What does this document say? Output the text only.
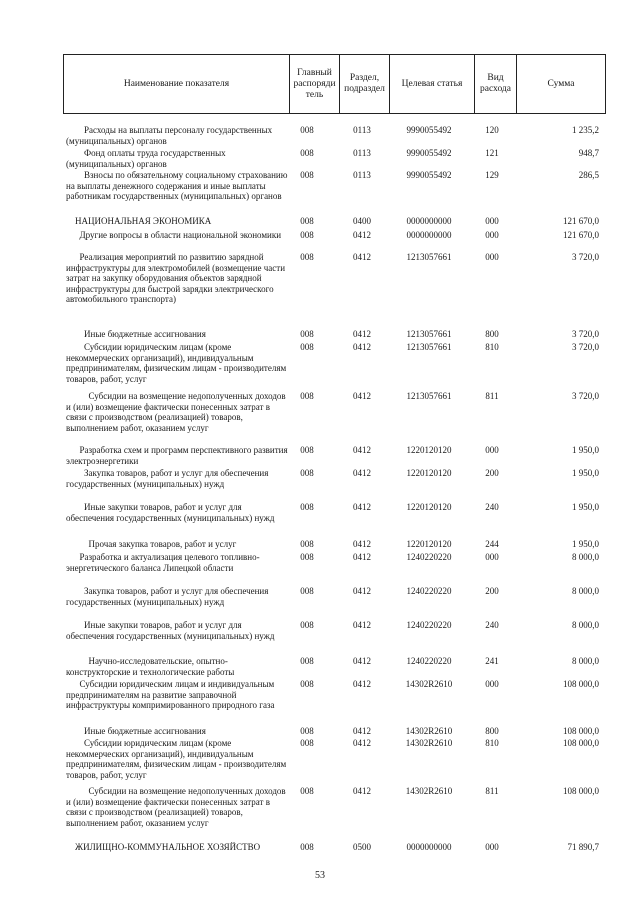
Наименование показателя	Главный распоряди тель	Раздел, подраздел	Целевая статья	Вид расхода	Сумма
Расходы на выплаты персоналу государственных (муниципальных) органов
008	0113	9990055492	120	1 235,2
Фонд оплаты труда государственных (муниципальных) органов
008	0113	9990055492	121	948,7
Взносы по обязательному социальному страхованию на выплаты денежного содержания и иные выплаты работникам государственных (муниципальных) органов
008	0113	9990055492	129	286,5
НАЦИОНАЛЬНАЯ ЭКОНОМИКА	008	0400	0000000000	000	121 670,0
Другие вопросы в области национальной экономики	008	0412	0000000000	000	121 670,0
Реализация мероприятий по развитию зарядной инфраструктуры для электромобилей (возмещение части затрат на закупку оборудования объектов зарядной инфраструктуры для быстрой зарядки электрического автомобильного транспорта)
008	0412	1213057661	000	3 720,0
Иные бюджетные ассигнования	008	0412	1213057661	800	3 720,0
Субсидии юридическим лицам (кроме некоммерческих организаций), индивидуальным предпринимателям, физическим лицам - производителям товаров, работ, услуг
008	0412	1213057661	810	3 720,0
Субсидии на возмещение недополученных доходов и (или) возмещение фактически понесенных затрат в связи с производством (реализацией) товаров, выполнением работ, оказанием услуг
008	0412	1213057661	811	3 720,0
Разработка схем и программ перспективного развития электроэнергетики
008	0412	1220120120	000	1 950,0
Закупка товаров, работ и услуг для обеспечения государственных (муниципальных) нужд
008	0412	1220120120	200	1 950,0
Иные закупки товаров, работ и услуг для обеспечения государственных (муниципальных) нужд
008	0412	1220120120	240	1 950,0
Прочая закупка товаров, работ и услуг	008	0412	1220120120	244	1 950,0
Разработка и актуализация целевого топливно-энергетического баланса Липецкой области
008	0412	1240220220	000	8 000,0
Закупка товаров, работ и услуг для обеспечения государственных (муниципальных) нужд
008	0412	1240220220	200	8 000,0
Иные закупки товаров, работ и услуг для обеспечения государственных (муниципальных) нужд
008	0412	1240220220	240	8 000,0
Научно-исследовательские, опытно-конструкторские и технологические работы
008	0412	1240220220	241	8 000,0
Субсидии юридическим лицам и индивидуальным предпринимателям на развитие заправочной инфраструктуры компримированного природного газа
008	0412	14302R2610	000	108 000,0
Иные бюджетные ассигнования	008	0412	14302R2610	800	108 000,0
Субсидии юридическим лицам (кроме некоммерческих организаций), индивидуальным предпринимателям, физическим лицам - производителям товаров, работ, услуг
008	0412	14302R2610	810	108 000,0
Субсидии на возмещение недополученных доходов и (или) возмещение фактически понесенных затрат в связи с производством (реализацией) товаров, выполнением работ, оказанием услуг
008	0412	14302R2610	811	108 000,0
ЖИЛИЩНО-КОММУНАЛЬНОЕ ХОЗЯЙСТВО	008	0500	0000000000	000	71 890,7
53
